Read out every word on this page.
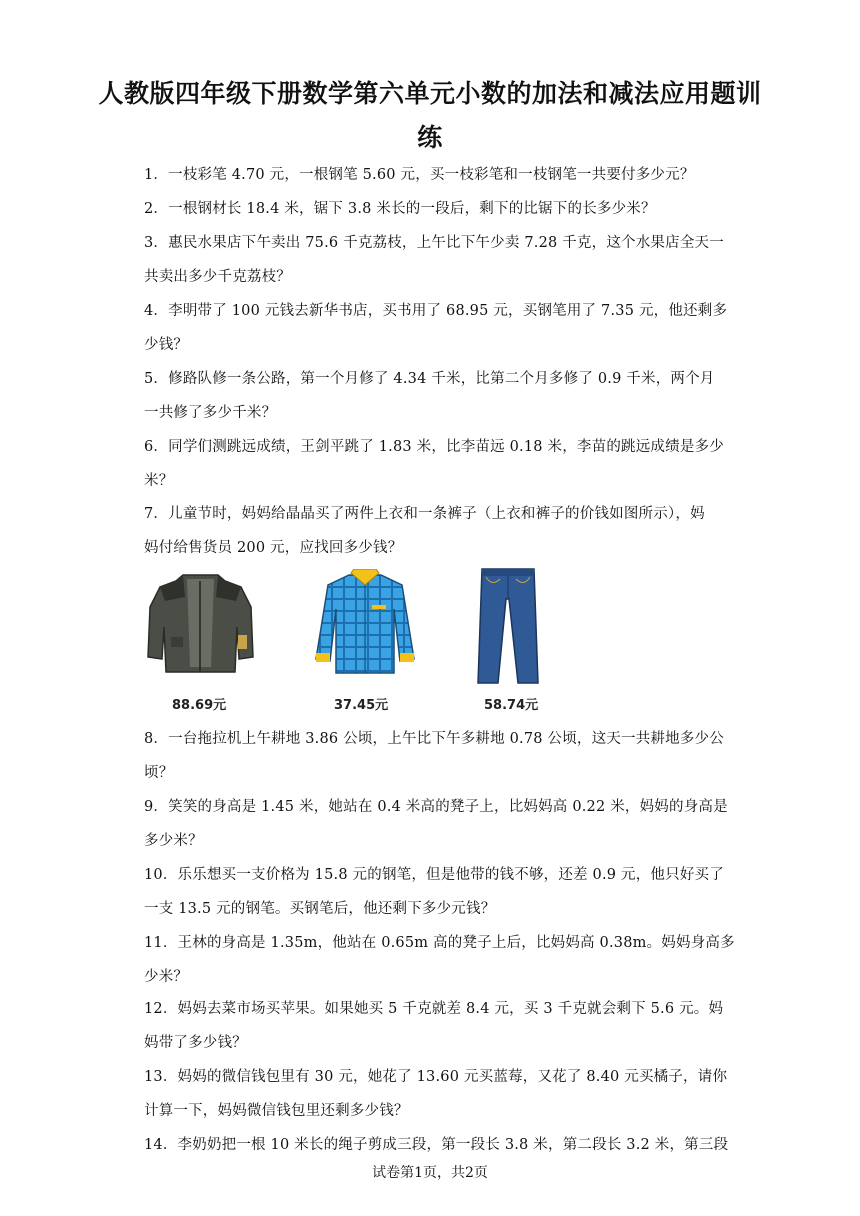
人教版四年级下册数学第六单元小数的加法和减法应用题训
练
1．一枝彩笔 4.70 元，一根钢笔 5.60 元，买一枝彩笔和一枝钢笔一共要付多少元？
2．一根钢材长 18.4 米，锯下 3.8 米长的一段后，剩下的比锯下的长多少米？
3．惠民水果店下午卖出 75.6 千克荔枝，上午比下午少卖 7.28 千克，这个水果店全天一
共卖出多少千克荔枝？
4．李明带了 100 元钱去新华书店，买书用了 68.95 元，买钢笔用了 7.35 元，他还剩多
少钱？
5．修路队修一条公路，第一个月修了 4.34 千米，比第二个月多修了 0.9 千米，两个月
一共修了多少千米？
6．同学们测跳远成绩，王剑平跳了 1.83 米，比李苗远 0.18 米，李苗的跳远成绩是多少
米？
7．儿童节时，妈妈给晶晶买了两件上衣和一条裤子（上衣和裤子的价钱如图所示），妈
妈付给售货员 200 元，应找回多少钱？
88.69元	37.45元	58.74元
8．一台拖拉机上午耕地 3.86 公顷，上午比下午多耕地 0.78 公顷，这天一共耕地多少公
顷？
9．笑笑的身高是 1.45 米，她站在 0.4 米高的凳子上，比妈妈高 0.22 米，妈妈的身高是
多少米？
10．乐乐想买一支价格为 15.8 元的钢笔，但是他带的钱不够，还差 0.9 元，他只好买了
一支 13.5 元的钢笔。买钢笔后，他还剩下多少元钱？
11．王林的身高是 1.35m，他站在 0.65m 高的凳子上后，比妈妈高 0.38m。妈妈身高多
少米？
12．妈妈去菜市场买苹果。如果她买 5 千克就差 8.4 元，买 3 千克就会剩下 5.6 元。妈
妈带了多少钱？
13．妈妈的微信钱包里有 30 元，她花了 13.60 元买蓝莓，又花了 8.40 元买橘子，请你
计算一下，妈妈微信钱包里还剩多少钱？
14．李奶奶把一根 10 米长的绳子剪成三段，第一段长 3.8 米，第二段长 3.2 米，第三段
试卷第1页，共2页
